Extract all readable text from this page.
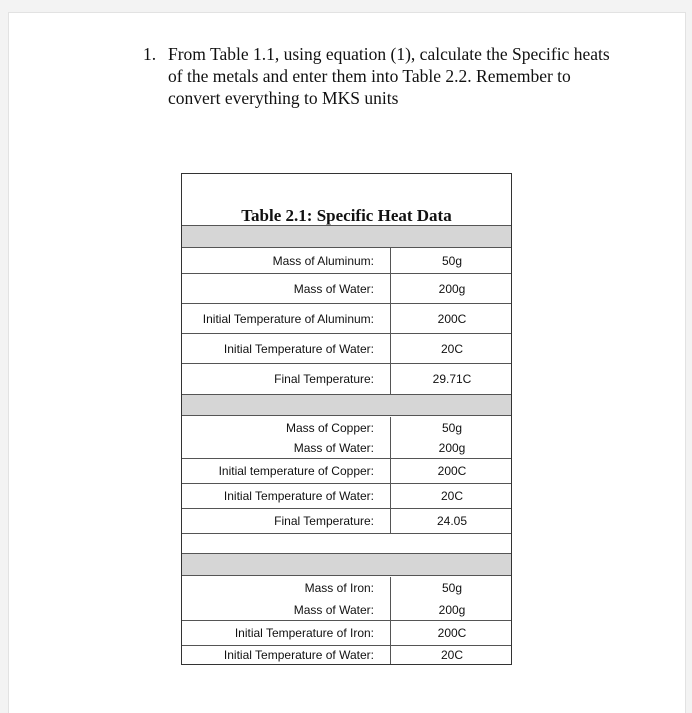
1. From Table 1.1, using equation (1), calculate the Specific heats of the metals and enter them into Table 2.2. Remember to convert everything to MKS units
Table 2.1: Specific Heat Data
Mass of Aluminum:	50g
Mass of Water:	200g
Initial Temperature of Aluminum:	200C
Initial Temperature of Water:	20C
Final Temperature:	29.71C
Mass of Copper:	50g
Mass of Water:	200g
Initial temperature of Copper:	200C
Initial Temperature of Water:	20C
Final Temperature:	24.05
Mass of Iron:	50g
Mass of Water:	200g
Initial Temperature of Iron:	200C
Initial Temperature of Water:	20C
